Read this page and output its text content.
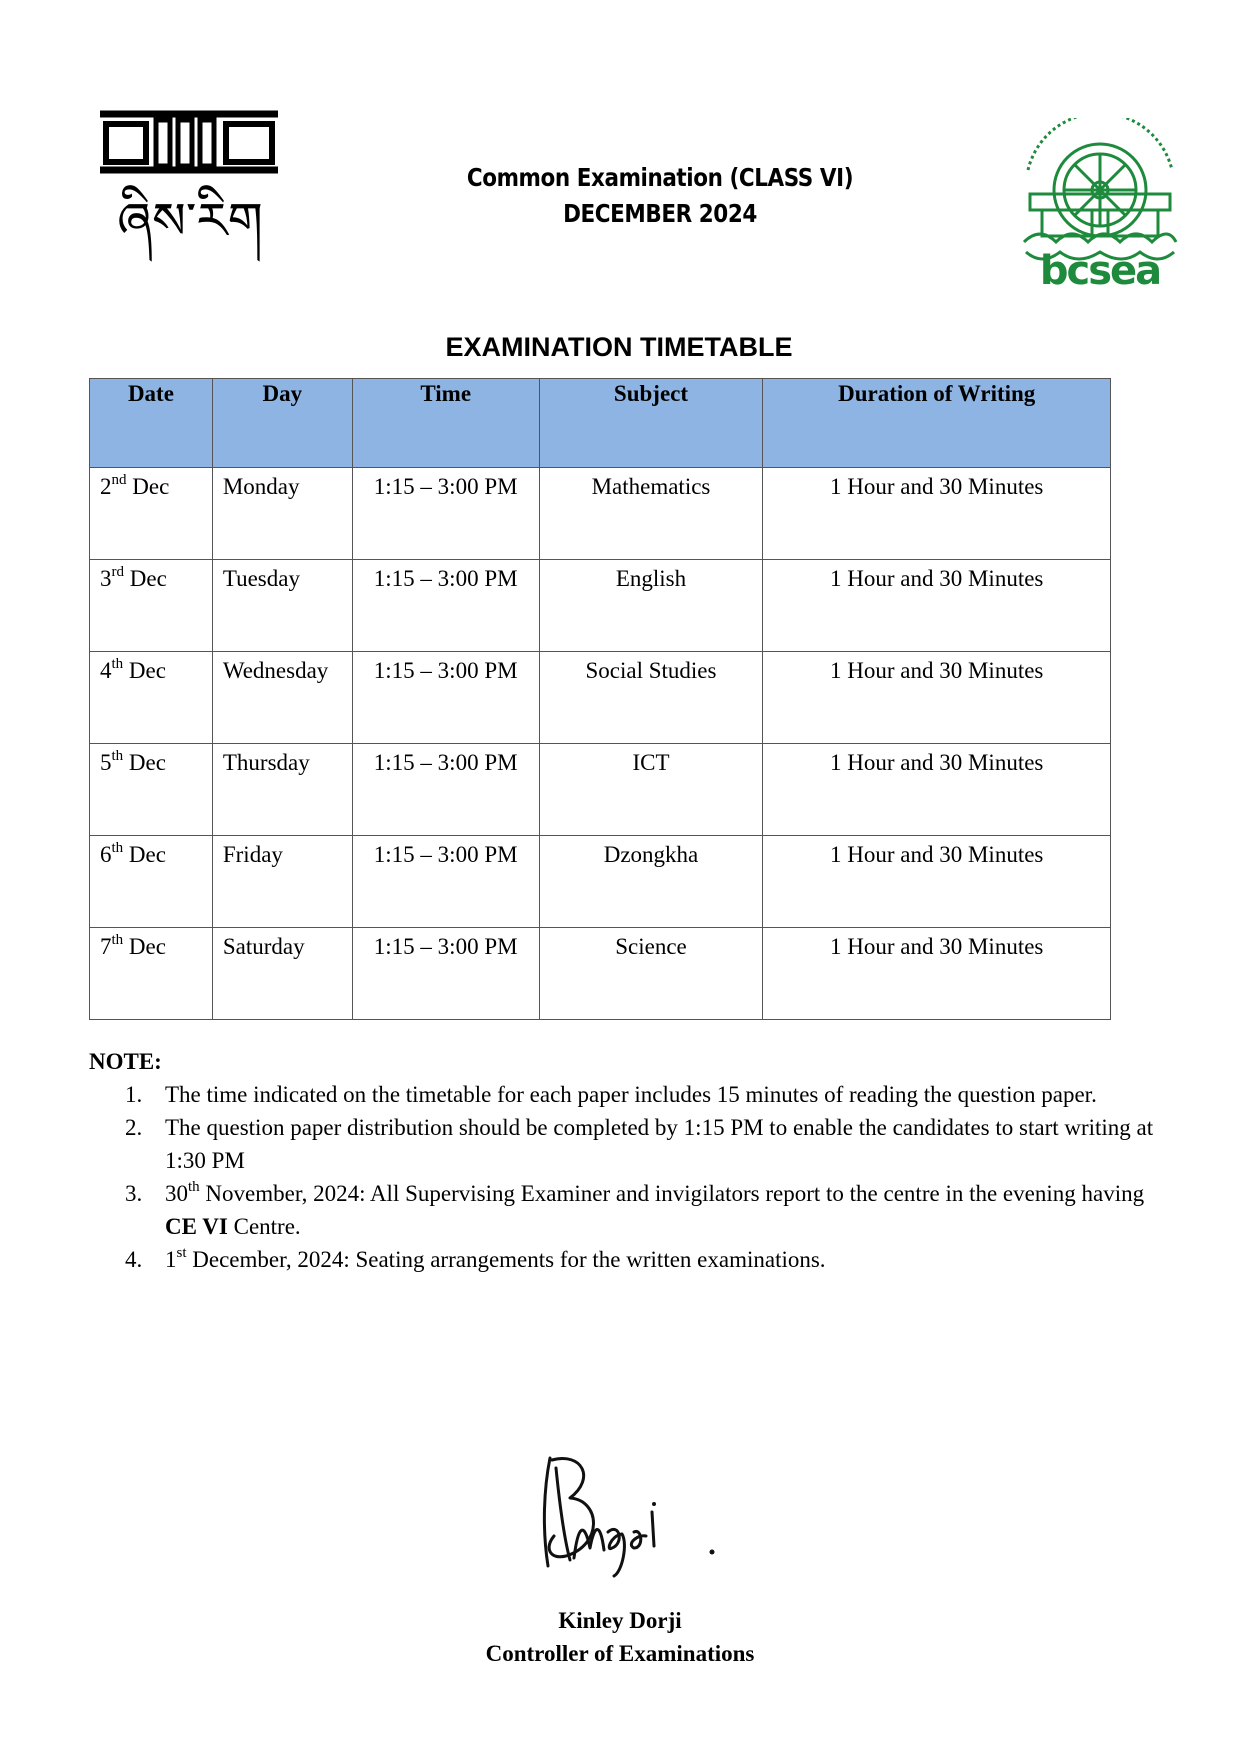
ཞིས་རིག
Common Examination (CLASS VI)
DECEMBER 2024
bcsea
EXAMINATION TIMETABLE
Date	Day	Time	Subject	Duration of Writing
2nd Dec	Monday	1:15 – 3:00 PM	Mathematics	1 Hour and 30 Minutes
3rd Dec	Tuesday	1:15 – 3:00 PM	English	1 Hour and 30 Minutes
4th Dec	Wednesday	1:15 – 3:00 PM	Social Studies	1 Hour and 30 Minutes
5th Dec	Thursday	1:15 – 3:00 PM	ICT	1 Hour and 30 Minutes
6th Dec	Friday	1:15 – 3:00 PM	Dzongkha	1 Hour and 30 Minutes
7th Dec	Saturday	1:15 – 3:00 PM	Science	1 Hour and 30 Minutes
NOTE:
1. The time indicated on the timetable for each paper includes 15 minutes of reading the question paper.
2. The question paper distribution should be completed by 1:15 PM to enable the candidates to start writing at 1:30 PM
3. 30th November, 2024: All Supervising Examiner and invigilators report to the centre in the evening having CE VI Centre.
4. 1st December, 2024: Seating arrangements for the written examinations.
Kinley Dorji
Controller of Examinations
